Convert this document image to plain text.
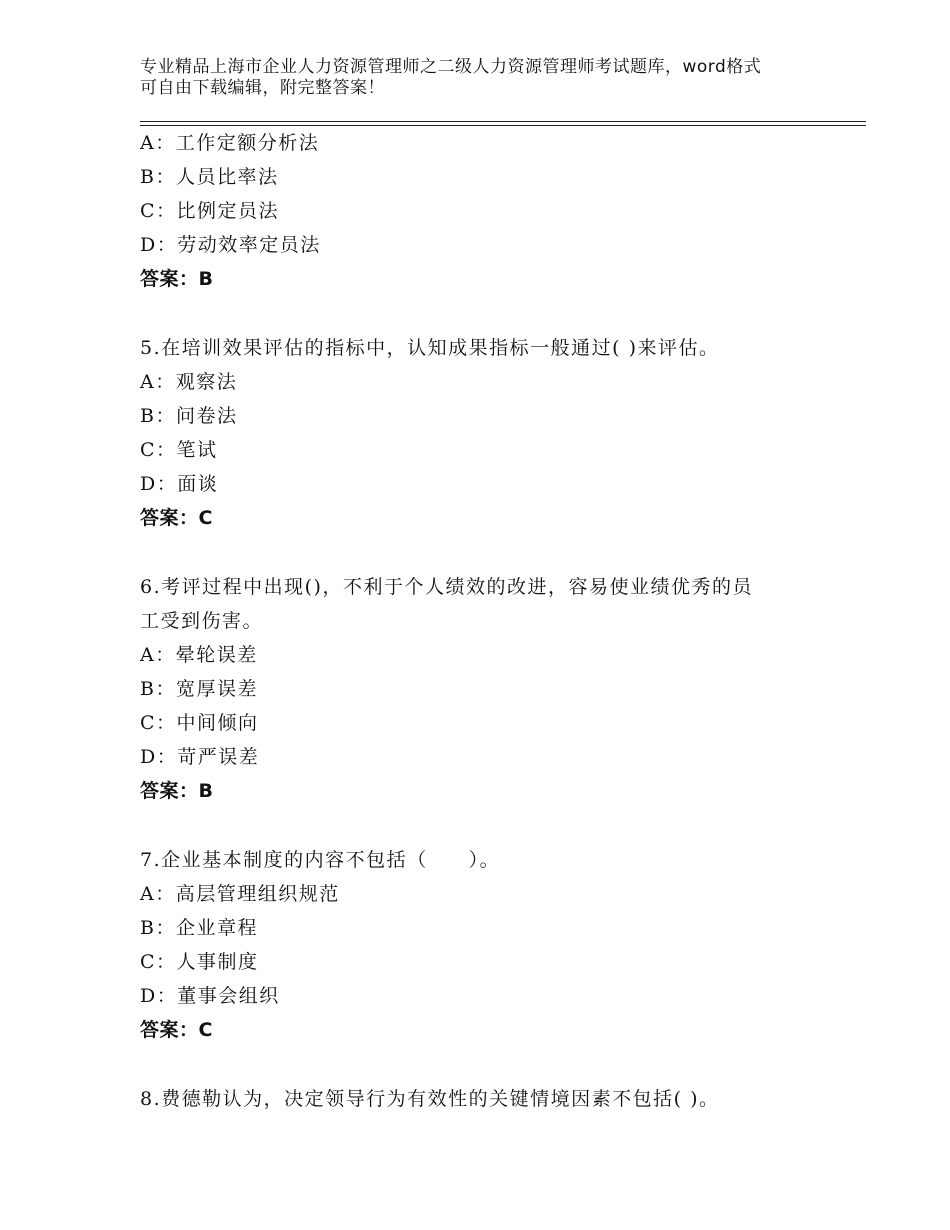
专业精品上海市企业人力资源管理师之二级人力资源管理师考试题库，word格式
可自由下载编辑，附完整答案！
A：工作定额分析法
B：人员比率法
C：比例定员法
D：劳动效率定员法
答案：B
5.在培训效果评估的指标中，认知成果指标一般通过( )来评估。
A：观察法
B：问卷法
C：笔试
D：面谈
答案：C
6.考评过程中出现()，不利于个人绩效的改进，容易使业绩优秀的员
工受到伤害。
A：晕轮误差
B：宽厚误差
C：中间倾向
D：苛严误差
答案：B
7.企业基本制度的内容不包括（　　）。
A：高层管理组织规范
B：企业章程
C：人事制度
D：董事会组织
答案：C
8.费德勒认为，决定领导行为有效性的关键情境因素不包括( )。
